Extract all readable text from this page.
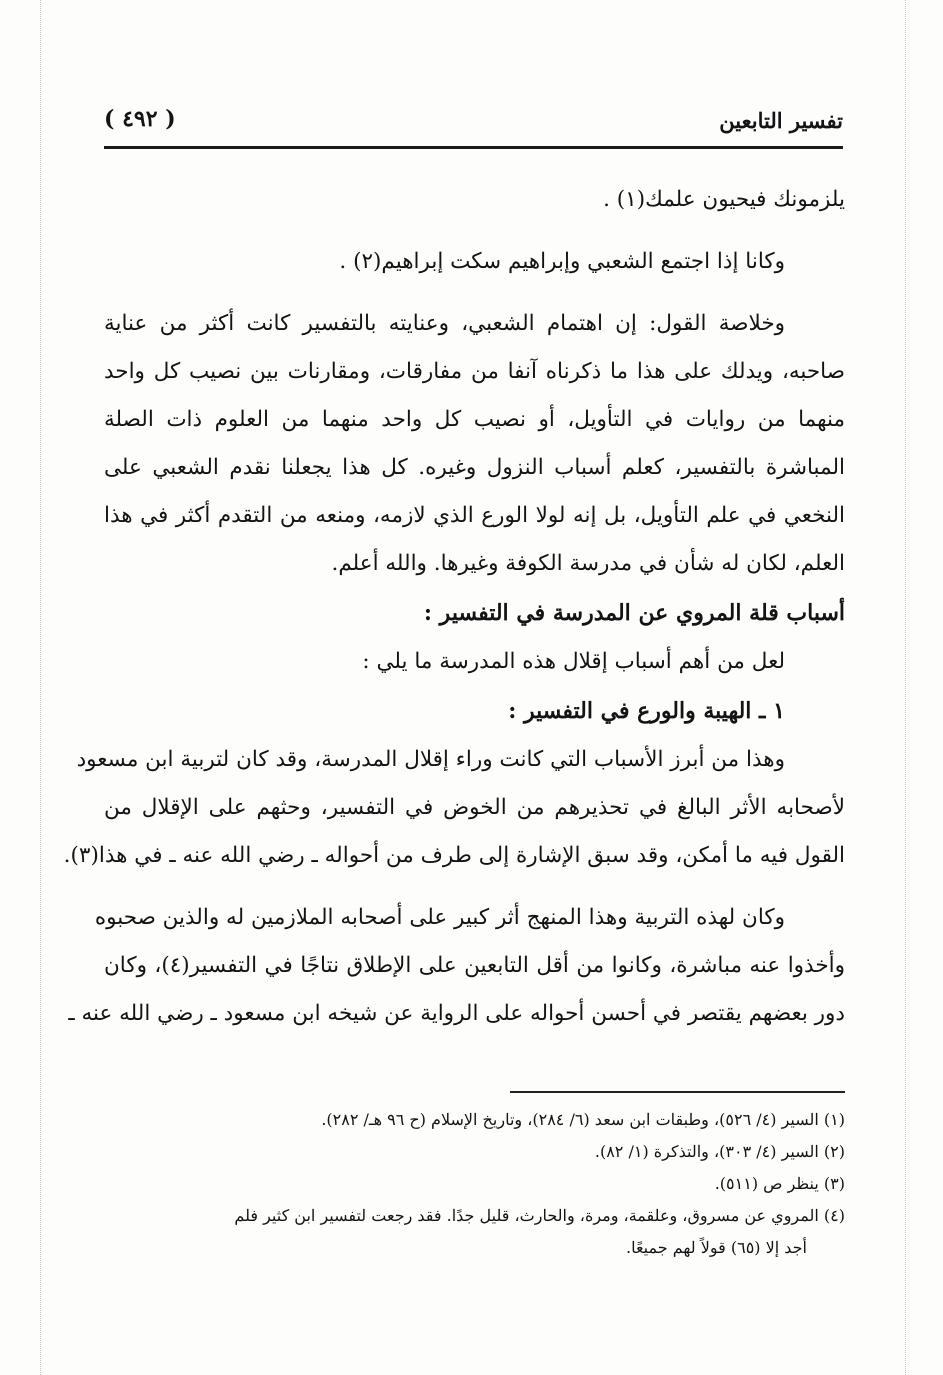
تفسير التابعين
( ٤٩٢ )

يلزمونك فيحيون علمك(١) .

وكانا إذا اجتمع الشعبي وإبراهيم سكت إبراهيم(٢) .

وخلاصة القول: إن اهتمام الشعبي، وعنايته بالتفسير كانت أكثر من عناية

صاحبه، ويدلك على هذا ما ذكرناه آنفا من مفارقات، ومقارنات بين نصيب كل واحد

منهما من روايات في التأويل، أو نصيب كل واحد منهما من العلوم ذات الصلة

المباشرة بالتفسير، كعلم أسباب النزول وغيره. كل هذا يجعلنا نقدم الشعبي على

النخعي في علم التأويل، بل إنه لولا الورع الذي لازمه، ومنعه من التقدم أكثر في هذا

العلم، لكان له شأن في مدرسة الكوفة وغيرها. والله أعلم.

أسباب قلة المروي عن المدرسة في التفسير :

لعل من أهم أسباب إقلال هذه المدرسة ما يلي :

١ ـ الهيبة والورع في التفسير :

وهذا من أبرز الأسباب التي كانت وراء إقلال المدرسة، وقد كان لتربية ابن مسعود

لأصحابه الأثر البالغ في تحذيرهم من الخوض في التفسير، وحثهم على الإقلال من

القول فيه ما أمكن، وقد سبق الإشارة إلى طرف من أحواله ـ رضي الله عنه ـ في هذا(٣).

وكان لهذه التربية وهذا المنهج أثر كبير على أصحابه الملازمين له والذين صحبوه

وأخذوا عنه مباشرة، وكانوا من أقل التابعين على الإطلاق نتاجًا في التفسير(٤)، وكان

دور بعضهم يقتصر في أحسن أحواله على الرواية عن شيخه ابن مسعود ـ رضي الله عنه ـ

(١) السير (٤/ ٥٢٦)، وطبقات ابن سعد (٦/ ٢٨٤)، وتاريخ الإسلام (ح ٩٦ هـ/ ٢٨٢).
(٢) السير (٤/ ٣٠٣)، والتذكرة (١/ ٨٢).
(٣) ينظر ص (٥١١).
(٤) المروي عن مسروق، وعلقمة، ومرة، والحارث، قليل جدًا. فقد رجعت لتفسير ابن كثير فلم
أجد إلا (٦٥) قولاً لهم جميعًا.
